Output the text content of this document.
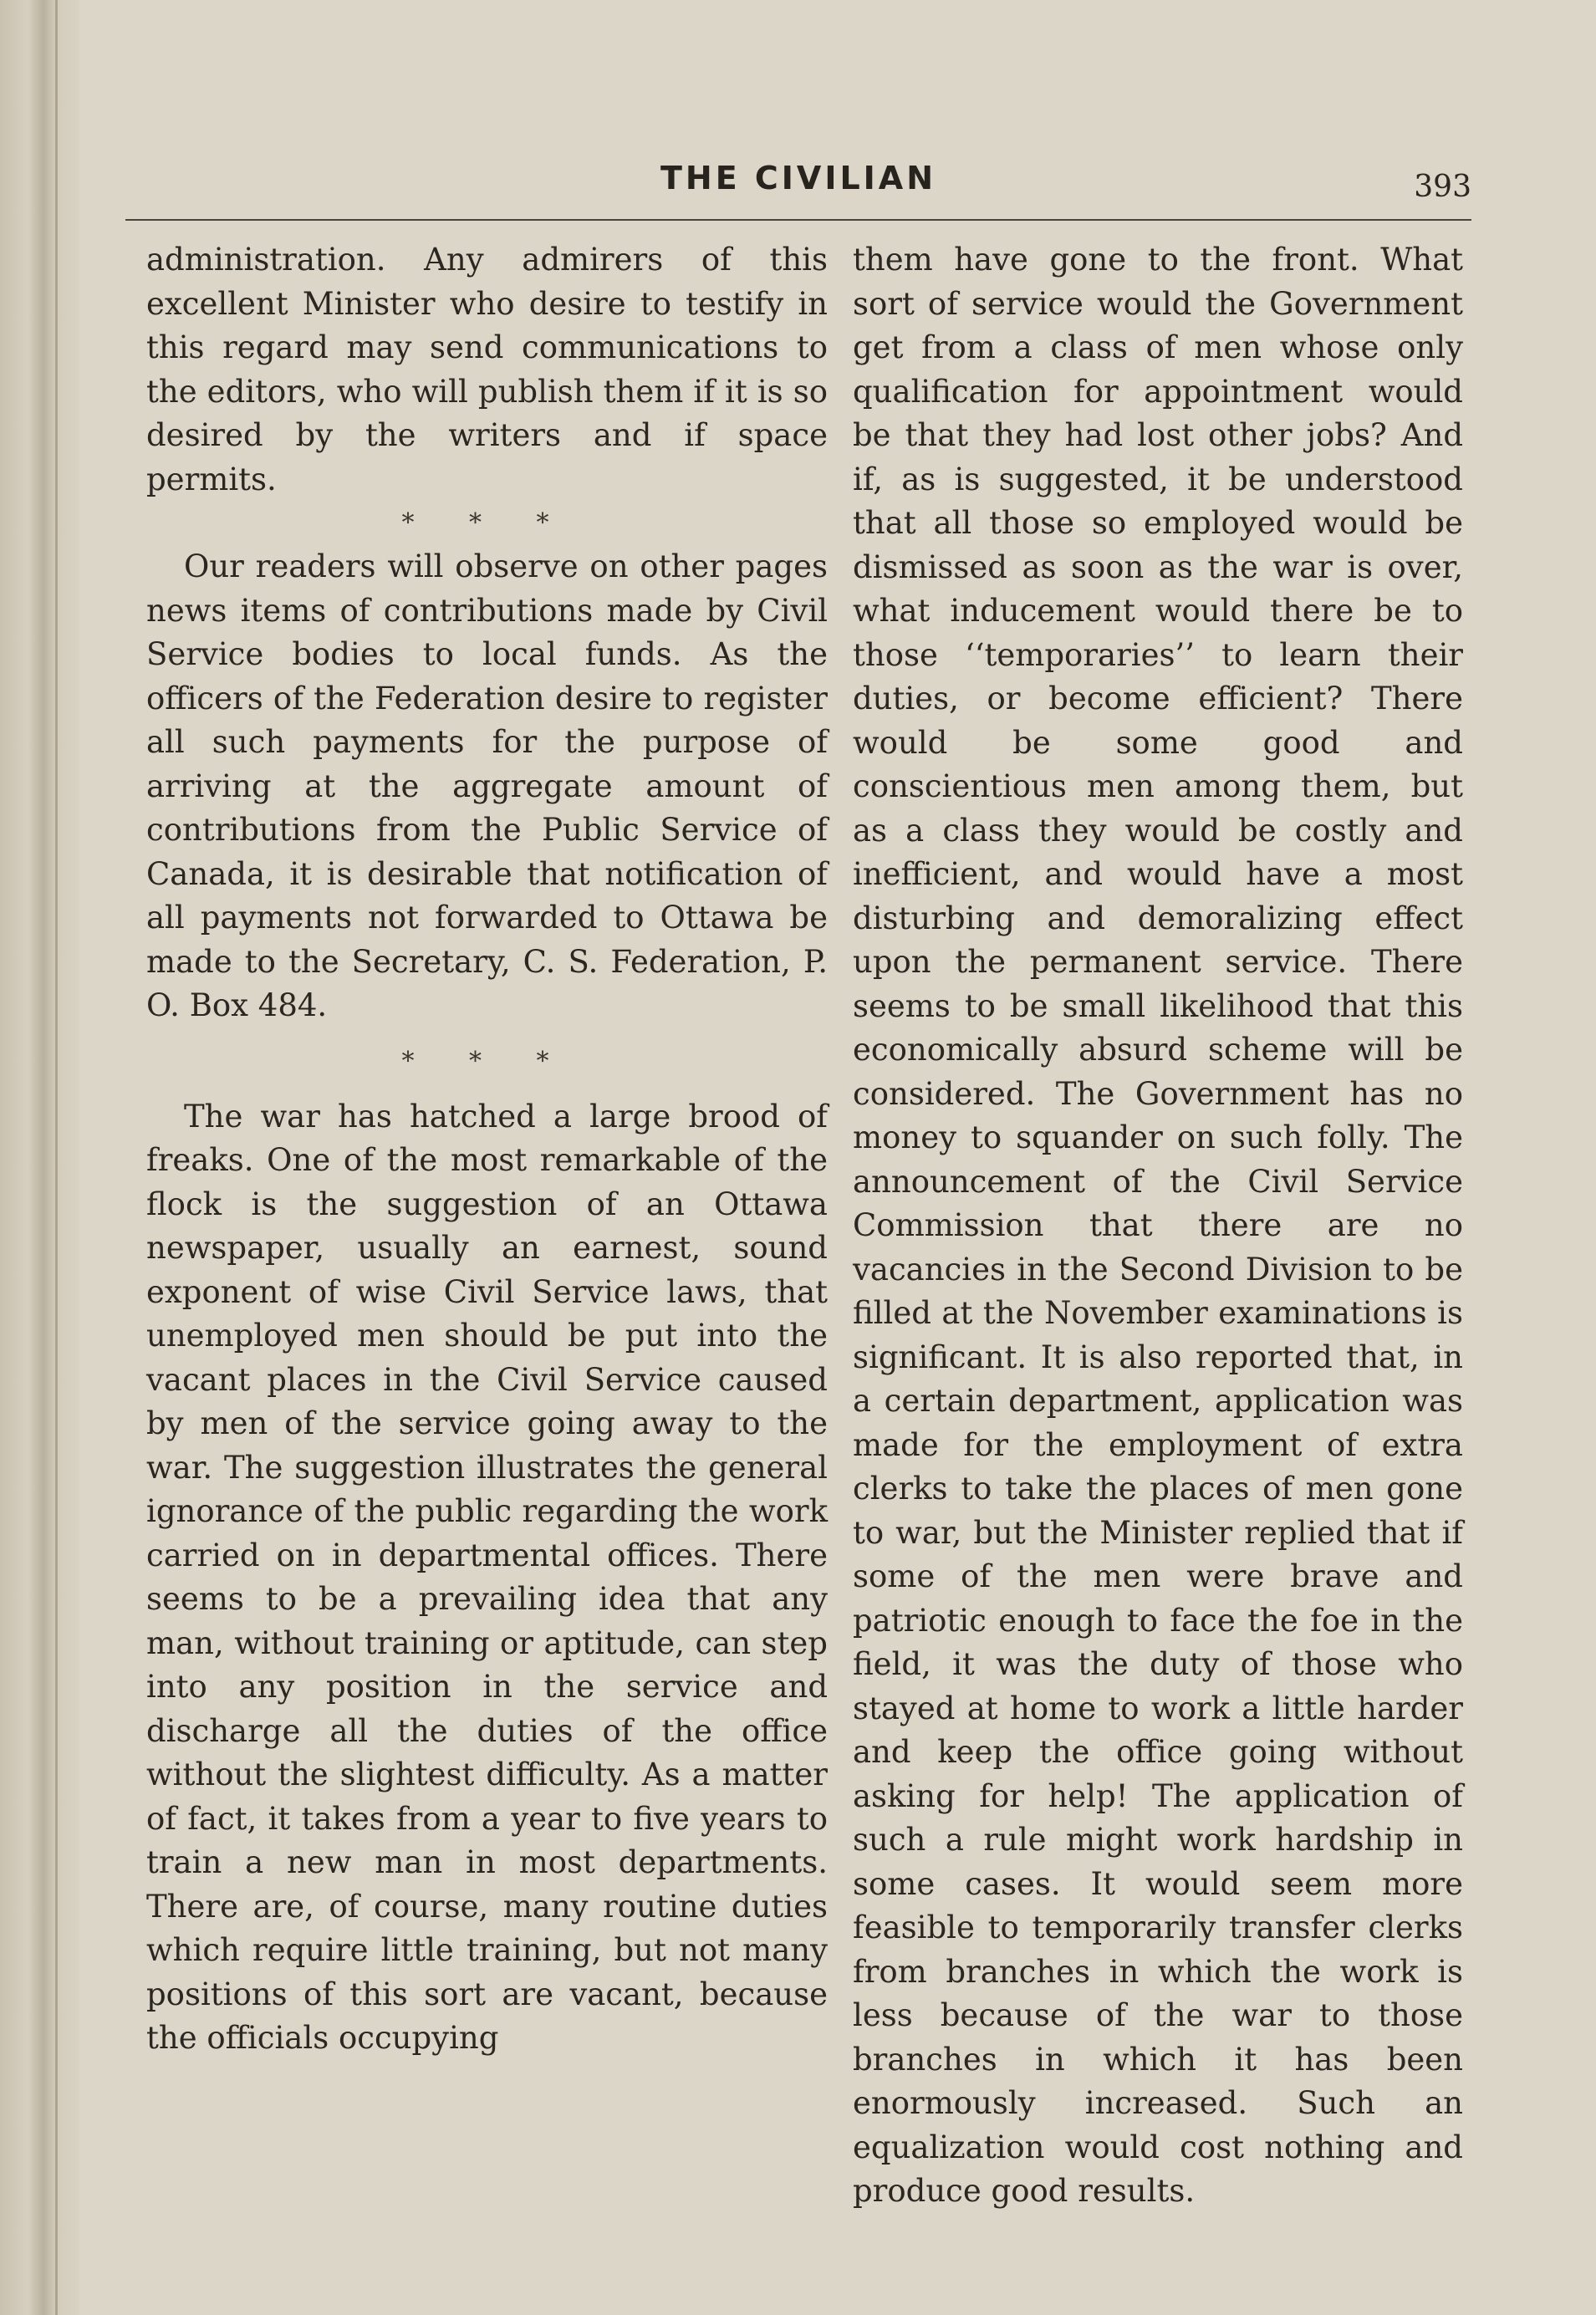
THE CIVILIAN	393

administration. Any admirers of this excellent Minister who desire to testify in this regard may send communications to the editors, who will publish them if it is so desired by the writers and if space permits.

* * *

Our readers will observe on other pages news items of contributions made by Civil Service bodies to local funds. As the officers of the Federation desire to register all such payments for the purpose of arriving at the aggregate amount of contributions from the Public Service of Canada, it is desirable that notification of all payments not forwarded to Ottawa be made to the Secretary, C. S. Federation, P. O. Box 484.

* * *

The war has hatched a large brood of freaks. One of the most remarkable of the flock is the suggestion of an Ottawa newspaper, usually an earnest, sound exponent of wise Civil Service laws, that unemployed men should be put into the vacant places in the Civil Service caused by men of the service going away to the war. The suggestion illustrates the general ignorance of the public regarding the work carried on in departmental offices. There seems to be a prevailing idea that any man, without training or aptitude, can step into any position in the service and discharge all the duties of the office without the slightest difficulty. As a matter of fact, it takes from a year to five years to train a new man in most departments. There are, of course, many routine duties which require little training, but not many positions of this sort are vacant, because the officials occupying

them have gone to the front. What sort of service would the Government get from a class of men whose only qualification for appointment would be that they had lost other jobs? And if, as is suggested, it be understood that all those so employed would be dismissed as soon as the war is over, what inducement would there be to those ‘‘temporaries’’ to learn their duties, or become efficient? There would be some good and conscientious men among them, but as a class they would be costly and inefficient, and would have a most disturbing and demoralizing effect upon the permanent service. There seems to be small likelihood that this economically absurd scheme will be considered. The Government has no money to squander on such folly. The announcement of the Civil Service Commission that there are no vacancies in the Second Division to be filled at the November examinations is significant. It is also reported that, in a certain department, application was made for the employment of extra clerks to take the places of men gone to war, but the Minister replied that if some of the men were brave and patriotic enough to face the foe in the field, it was the duty of those who stayed at home to work a little harder and keep the office going without asking for help! The application of such a rule might work hardship in some cases. It would seem more feasible to temporarily transfer clerks from branches in which the work is less because of the war to those branches in which it has been enormously increased. Such an equalization would cost nothing and produce good results.
